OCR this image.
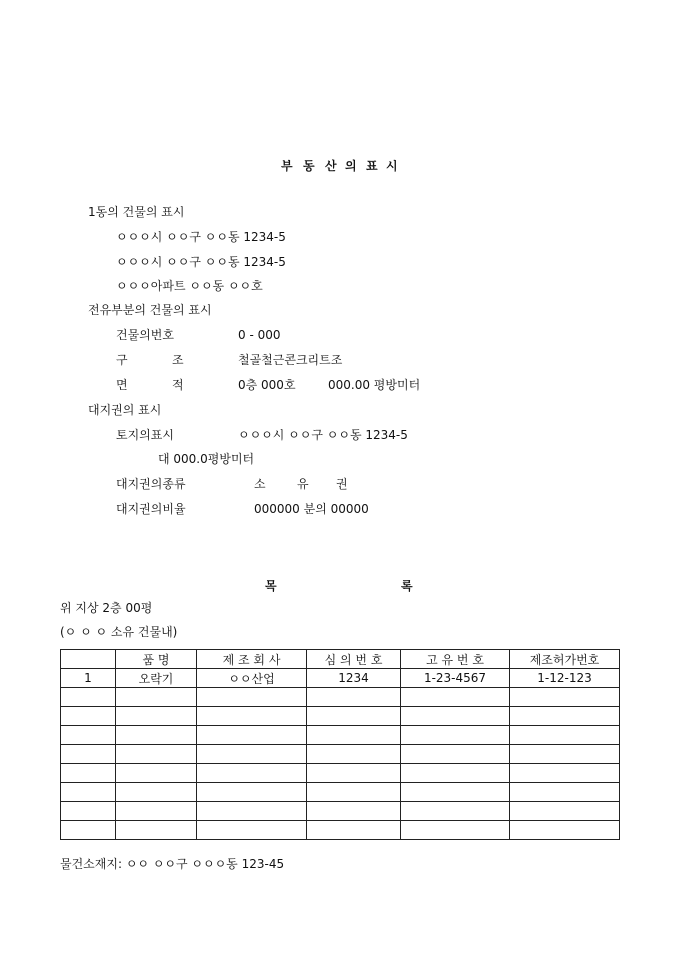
부 동 산 의 표 시
1동의 건물의 표시
ㅇㅇㅇ시 ㅇㅇ구 ㅇㅇ동 1234-5
ㅇㅇㅇ시 ㅇㅇ구 ㅇㅇ동 1234-5
ㅇㅇㅇ아파트 ㅇㅇ동 ㅇㅇ호
전유부분의 건물의 표시
건물의번호	0 - 000
구	조	철골철근콘크리트조
면	적	0층 000호	000.00 평방미터
대지권의 표시
토지의표시	ㅇㅇㅇ시 ㅇㅇ구 ㅇㅇ동 1234-5
대 000.0평방미터
대지권의종류	소	유 권
대지권의비율	000000 분의 00000
목	록
위 지상 2층 00평
(ㅇ ㅇ ㅇ 소유 건물내)
	품 명	제 조 회 사	심 의 번 호	고 유 번 호	제조허가번호
1	오락기	ㅇㅇ산업	1234	1-23-4567	1-12-123

물건소재지: ㅇㅇ ㅇㅇ구 ㅇㅇㅇ동 123-45
